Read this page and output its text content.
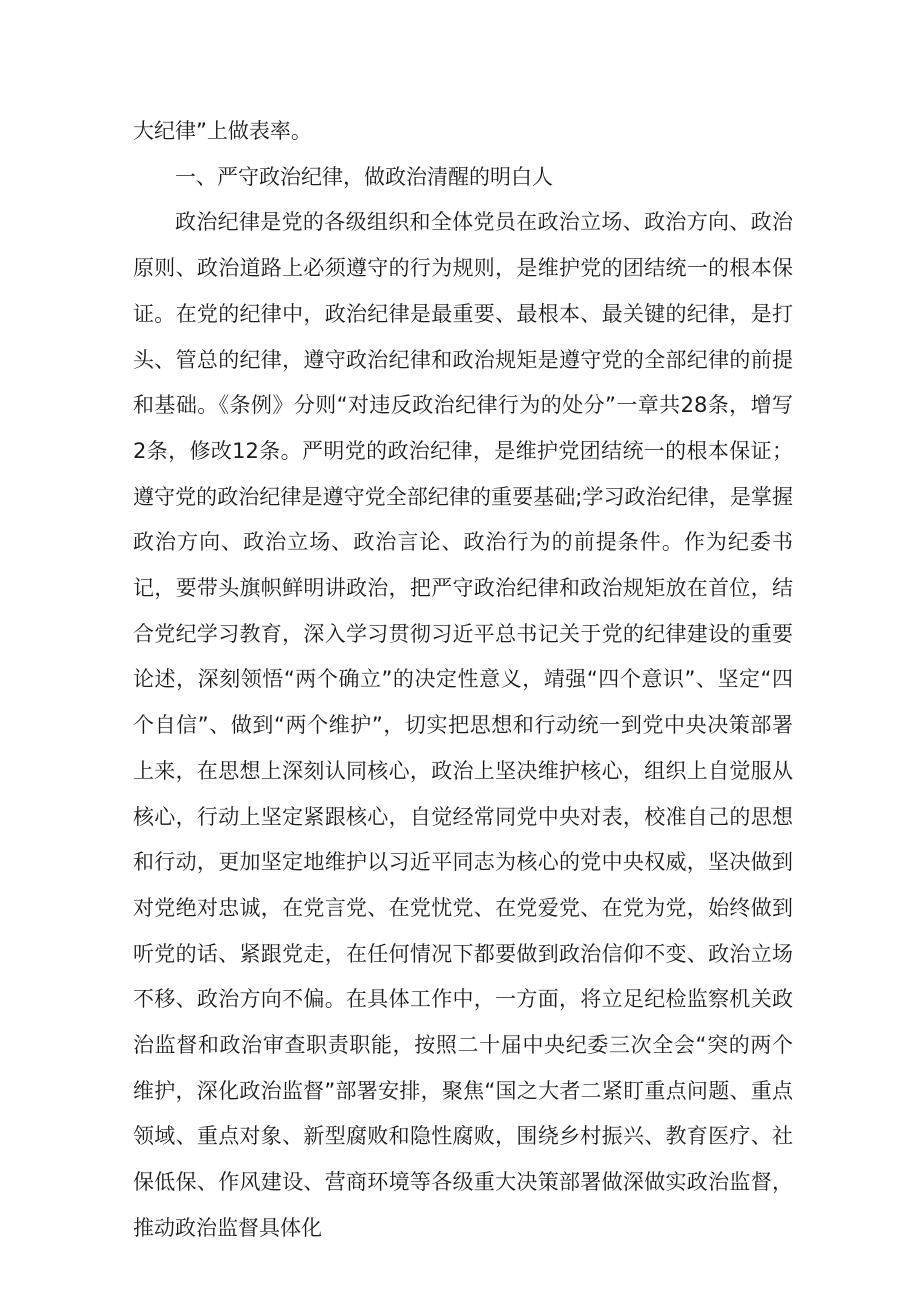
大纪律”上做表率。

一、严守政治纪律，做政治清醒的明白人

政治纪律是党的各级组织和全体党员在政治立场、政治方向、政治原则、政治道路上必须遵守的行为规则，是维护党的团结统一的根本保证。在党的纪律中，政治纪律是最重要、最根本、最关键的纪律，是打头、管总的纪律，遵守政治纪律和政治规矩是遵守党的全部纪律的前提和基础。《条例》分则“对违反政治纪律行为的处分”一章共28条，增写2条，修改12条。严明党的政治纪律，是维护党团结统一的根本保证；遵守党的政治纪律是遵守党全部纪律的重要基础;学习政治纪律，是掌握政治方向、政治立场、政治言论、政治行为的前提条件。作为纪委书记，要带头旗帜鲜明讲政治，把严守政治纪律和政治规矩放在首位，结合党纪学习教育，深入学习贯彻习近平总书记关于党的纪律建设的重要论述，深刻领悟“两个确立”的决定性意义，靖强“四个意识”、坚定“四个自信”、做到“两个维护”，切实把思想和行动统一到党中央决策部署上来，在思想上深刻认同核心，政治上坚决维护核心，组织上自觉服从核心，行动上坚定紧跟核心，自觉经常同党中央对表，校准自己的思想和行动，更加坚定地维护以习近平同志为核心的党中央权威，坚决做到对党绝对忠诚，在党言党、在党忧党、在党爱党、在党为党，始终做到听党的话、紧跟党走，在任何情况下都要做到政治信仰不变、政治立场不移、政治方向不偏。在具体工作中，一方面，将立足纪检监察机关政治监督和政治审查职责职能，按照二十届中央纪委三次全会“突的两个维护，深化政治监督”部署安排，聚焦“国之大者二紧盯重点问题、重点领域、重点对象、新型腐败和隐性腐败，围绕乡村振兴、教育医疗、社保低保、作风建设、营商环境等各级重大决策部署做深做实政治监督，推动政治监督具体化
